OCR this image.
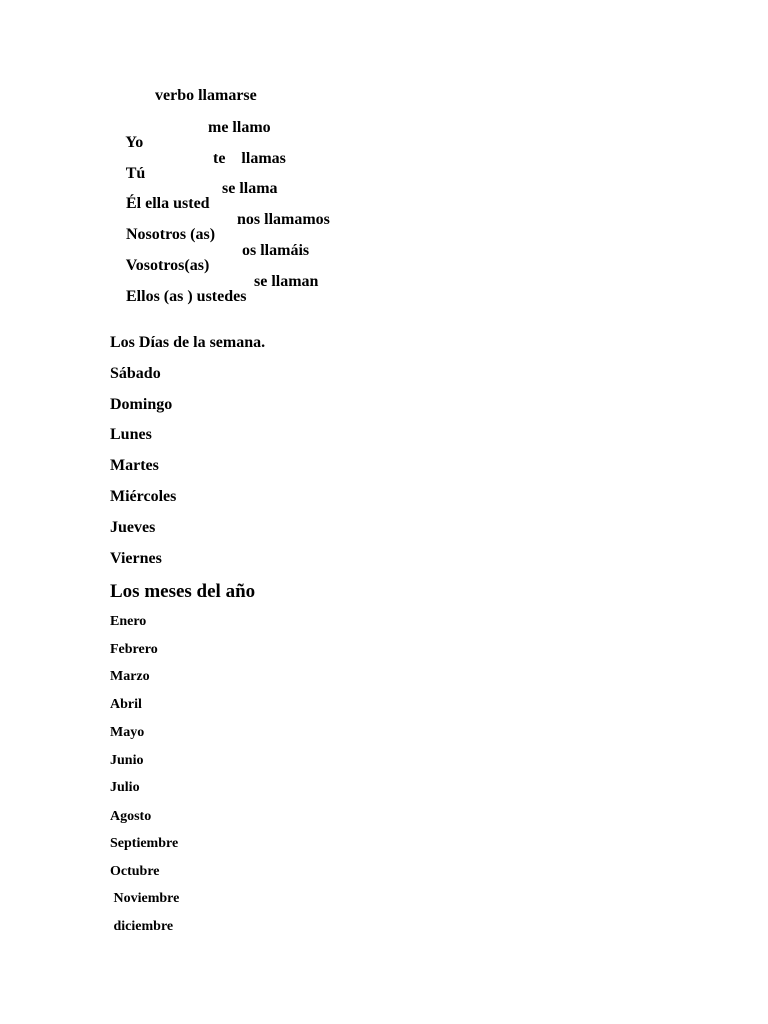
verbo llamarse

Yo

me llamo

Tú

te    llamas

Él ella usted

se llama

Nosotros (as)

nos llamamos

Vosotros(as)

os llamáis

Ellos (as ) ustedes

se llaman
Los Días de la semana.
Sábado
Domingo
Lunes
Martes
Miércoles
Jueves
Viernes
Los meses del año
Enero
Febrero
Marzo
Abril
Mayo
Junio
Julio
Agosto
Septiembre
Octubre
Noviembre
diciembre
